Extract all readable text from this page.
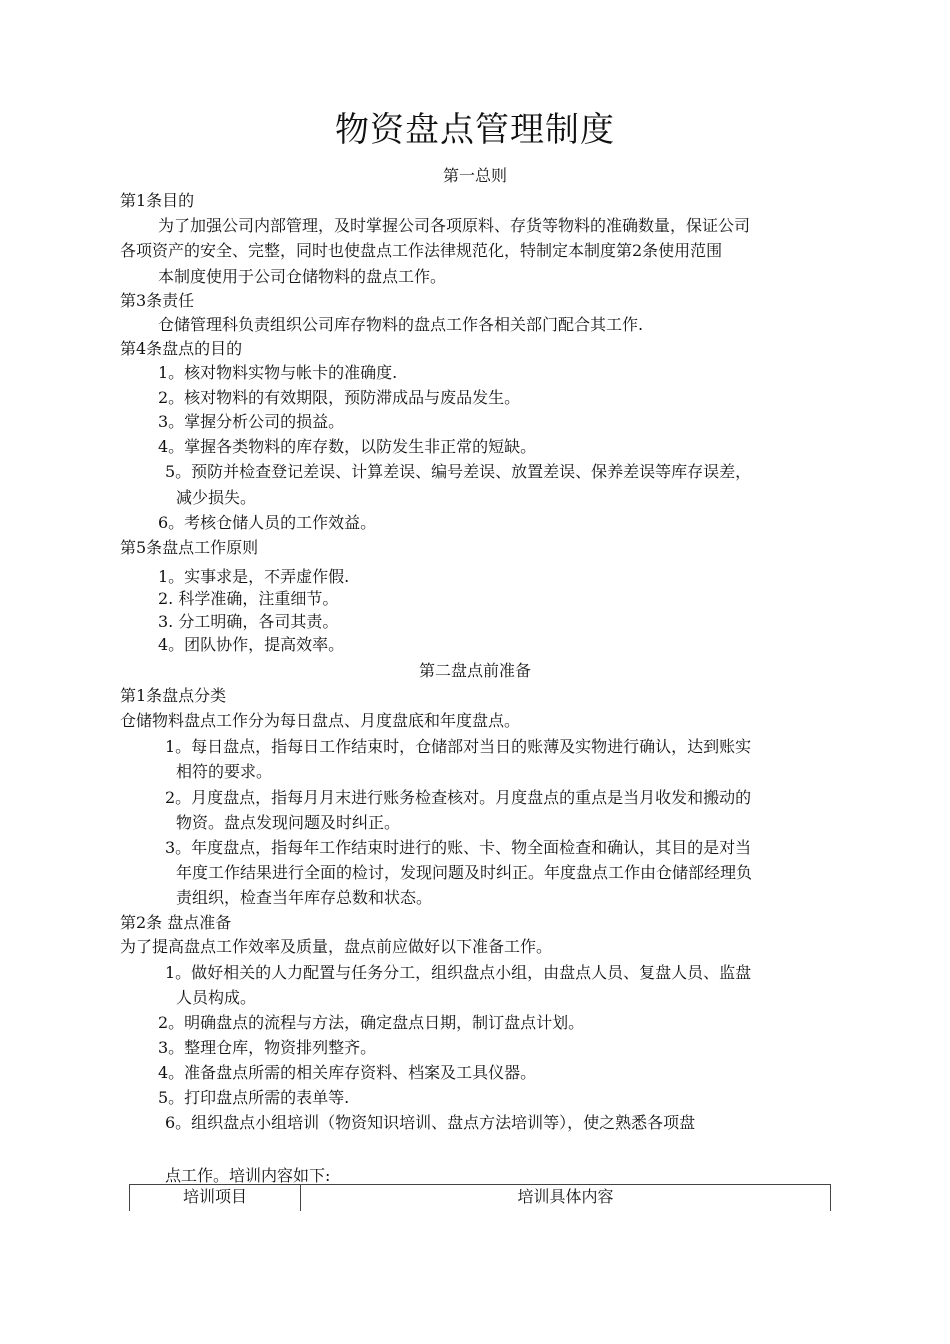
物资盘点管理制度
第一总则
第1条目的
为了加强公司内部管理，及时掌握公司各项原料、存货等物料的准确数量，保证公司
各项资产的安全、完整，同时也使盘点工作法律规范化，特制定本制度第2条使用范围
本制度使用于公司仓储物料的盘点工作。
第3条责任
仓储管理科负责组织公司库存物料的盘点工作各相关部门配合其工作.
第4条盘点的目的
1。核对物料实物与帐卡的准确度.
2。核对物料的有效期限，预防滞成品与废品发生。
3。掌握分析公司的损益。
4。掌握各类物料的库存数，以防发生非正常的短缺。
5。预防并检查登记差误、计算差误、编号差误、放置差误、保养差误等库存误差，
减少损失。
6。考核仓储人员的工作效益。
第5条盘点工作原则
1。实事求是，不弄虚作假.
2. 科学准确，注重细节。
3. 分工明确，各司其责。
4。团队协作，提高效率。
第二盘点前准备
第1条盘点分类
仓储物料盘点工作分为每日盘点、月度盘底和年度盘点。
1。每日盘点，指每日工作结束时，仓储部对当日的账薄及实物进行确认，达到账实
相符的要求。
2。月度盘点，指每月月末进行账务检查核对。月度盘点的重点是当月收发和搬动的
物资。盘点发现问题及时纠正。
3。年度盘点，指每年工作结束时进行的账、卡、物全面检查和确认，其目的是对当
年度工作结果进行全面的检讨，发现问题及时纠正。年度盘点工作由仓储部经理负
责组织，检查当年库存总数和状态。
第2条 盘点准备
为了提高盘点工作效率及质量，盘点前应做好以下准备工作。
1。做好相关的人力配置与任务分工，组织盘点小组，由盘点人员、复盘人员、监盘
人员构成。
2。明确盘点的流程与方法，确定盘点日期，制订盘点计划。
3。整理仓库，物资排列整齐。
4。准备盘点所需的相关库存资料、档案及工具仪器。
5。打印盘点所需的表单等.
6。组织盘点小组培训（物资知识培训、盘点方法培训等），使之熟悉各项盘
点工作。培训内容如下:
培训项目	培训具体内容
